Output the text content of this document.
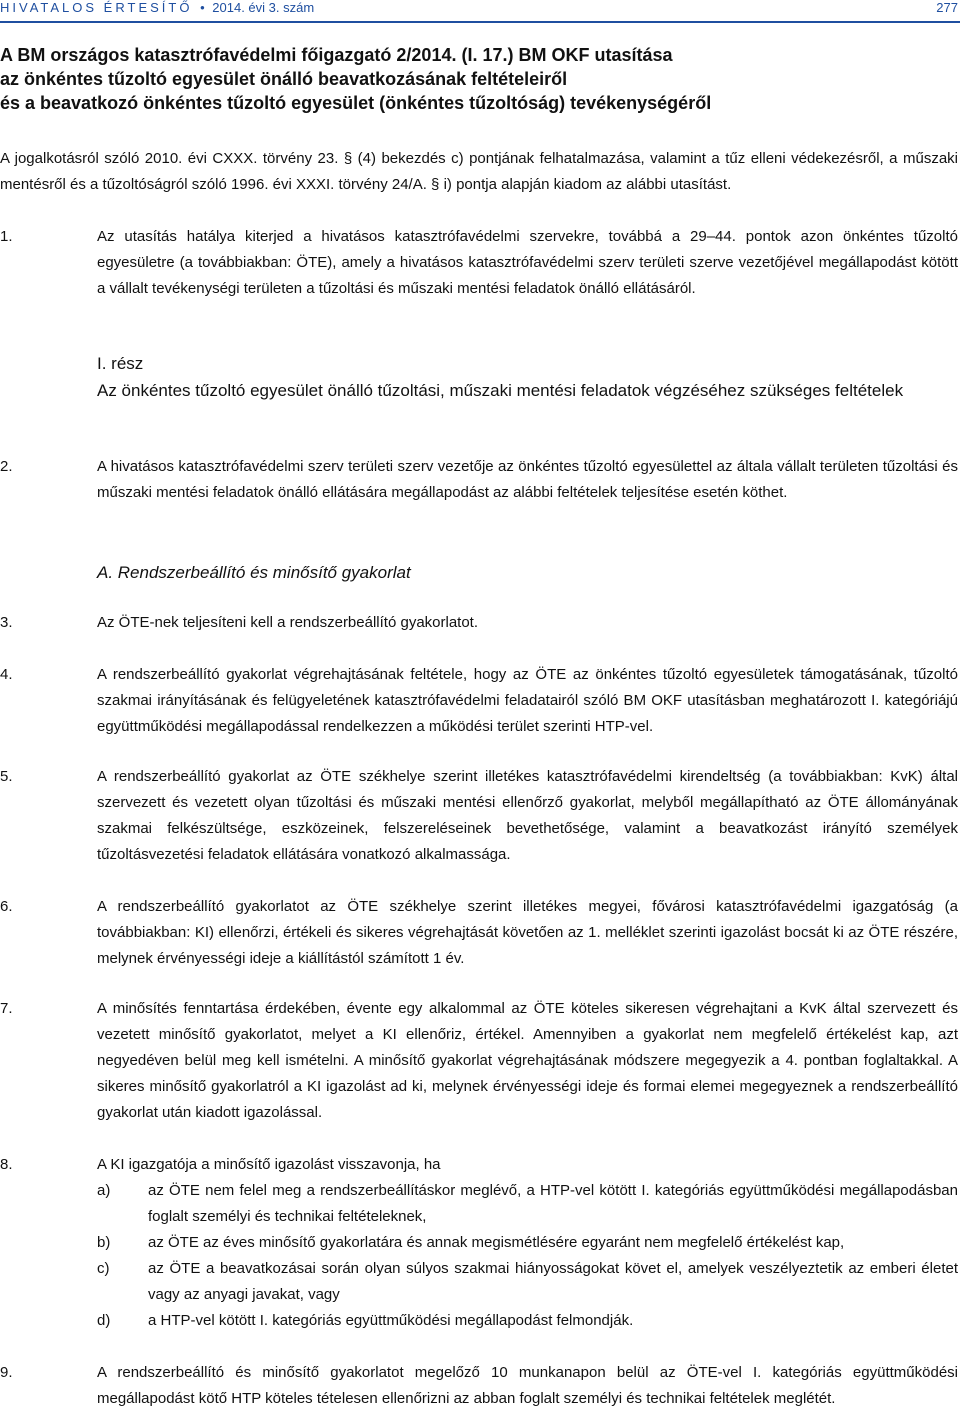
HIVATALOS ÉRTESÍTŐ • 2014. évi 3. szám	277
A BM országos katasztrófavédelmi főigazgató 2/2014. (I. 17.) BM OKF utasítása
az önkéntes tűzoltó egyesület önálló beavatkozásának feltételeiről
és a beavatkozó önkéntes tűzoltó egyesület (önkéntes tűzoltóság) tevékenységéről
A jogalkotásról szóló 2010. évi CXXX. törvény 23. § (4) bekezdés c) pontjának felhatalmazása, valamint a tűz elleni védekezésről, a műszaki mentésről és a tűzoltóságról szóló 1996. évi XXXI. törvény 24/A. § i) pontja alapján kiadom az alábbi utasítást.
1.	Az utasítás hatálya kiterjed a hivatásos katasztrófavédelmi szervekre, továbbá a 29–44. pontok azon önkéntes tűzoltó egyesületre (a továbbiakban: ÖTE), amely a hivatásos katasztrófavédelmi szerv területi szerve vezetőjével megállapodást kötött a vállalt tevékenységi területen a tűzoltási és műszaki mentési feladatok önálló ellátásáról.
I. rész
Az önkéntes tűzoltó egyesület önálló tűzoltási, műszaki mentési feladatok végzéséhez szükséges feltételek
2.	A hivatásos katasztrófavédelmi szerv területi szerv vezetője az önkéntes tűzoltó egyesülettel az általa vállalt területen tűzoltási és műszaki mentési feladatok önálló ellátására megállapodást az alábbi feltételek teljesítése esetén köthet.
A. Rendszerbeállító és minősítő gyakorlat
3.	Az ÖTE-nek teljesíteni kell a rendszerbeállító gyakorlatot.
4.	A rendszerbeállító gyakorlat végrehajtásának feltétele, hogy az ÖTE az önkéntes tűzoltó egyesületek támogatásának, tűzoltó szakmai irányításának és felügyeletének katasztrófavédelmi feladatairól szóló BM OKF utasításban meghatározott I. kategóriájú együttműködési megállapodással rendelkezzen a működési terület szerinti HTP-vel.
5.	A rendszerbeállító gyakorlat az ÖTE székhelye szerint illetékes katasztrófavédelmi kirendeltség (a továbbiakban: KvK) által szervezett és vezetett olyan tűzoltási és műszaki mentési ellenőrző gyakorlat, melyből megállapítható az ÖTE állományának szakmai felkészültsége, eszközeinek, felszereléseinek bevethetősége, valamint a beavatkozást irányító személyek tűzoltásvezetési feladatok ellátására vonatkozó alkalmassága.
6.	A rendszerbeállító gyakorlatot az ÖTE székhelye szerint illetékes megyei, fővárosi katasztrófavédelmi igazgatóság (a továbbiakban: KI) ellenőrzi, értékeli és sikeres végrehajtását követően az 1. melléklet szerinti igazolást bocsát ki az ÖTE részére, melynek érvényességi ideje a kiállítástól számított 1 év.
7.	A minősítés fenntartása érdekében, évente egy alkalommal az ÖTE köteles sikeresen végrehajtani a KvK által szervezett és vezetett minősítő gyakorlatot, melyet a KI ellenőriz, értékel. Amennyiben a gyakorlat nem megfelelő értékelést kap, azt negyedéven belül meg kell ismételni. A minősítő gyakorlat végrehajtásának módszere megegyezik a 4. pontban foglaltakkal. A sikeres minősítő gyakorlatról a KI igazolást ad ki, melynek érvényességi ideje és formai elemei megegyeznek a rendszerbeállító gyakorlat után kiadott igazolással.
8.	A KI igazgatója a minősítő igazolást visszavonja, ha
a)	az ÖTE nem felel meg a rendszerbeállításkor meglévő, a HTP-vel kötött I. kategóriás együttműködési megállapodásban foglalt személyi és technikai feltételeknek,
b)	az ÖTE az éves minősítő gyakorlatára és annak megismétlésére egyaránt nem megfelelő értékelést kap,
c)	az ÖTE a beavatkozásai során olyan súlyos szakmai hiányosságokat követ el, amelyek veszélyeztetik az emberi életet vagy az anyagi javakat, vagy
d)	a HTP-vel kötött I. kategóriás együttműködési megállapodást felmondják.
9.	A rendszerbeállító és minősítő gyakorlatot megelőző 10 munkanapon belül az ÖTE-vel I. kategóriás együttműködési megállapodást kötő HTP köteles tételesen ellenőrizni az abban foglalt személyi és technikai feltételek meglétét.
